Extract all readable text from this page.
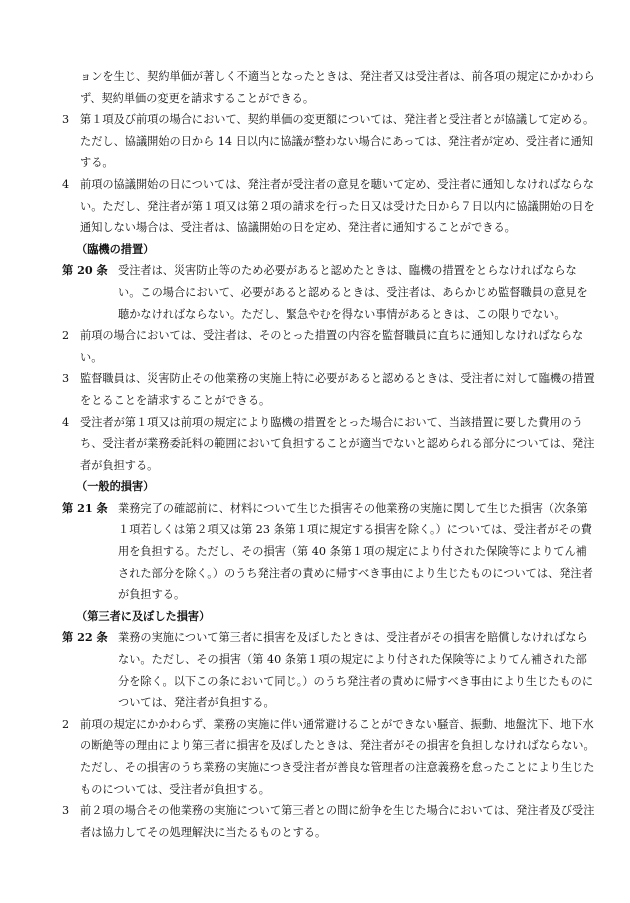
ョンを生じ、契約単価が著しく不適当となったときは、発注者又は受注者は、前各項の規定にかかわらず、契約単価の変更を請求することができる。

3 第１項及び前項の場合において、契約単価の変更額については、発注者と受注者とが協議して定める。ただし、協議開始の日から 14 日以内に協議が整わない場合にあっては、発注者が定め、受注者に通知する。
4 前項の協議開始の日については、発注者が受注者の意見を聴いて定め、受注者に通知しなければならない。ただし、発注者が第１項又は第２項の請求を行った日又は受けた日から７日以内に協議開始の日を通知しない場合は、受注者は、協議開始の日を定め、発注者に通知することができる。

（臨機の措置）

第 20 条 受注者は、災害防止等のため必要があると認めたときは、臨機の措置をとらなければならない。この場合において、必要があると認めるときは、受注者は、あらかじめ監督職員の意見を聴かなければならない。ただし、緊急やむを得ない事情があるときは、この限りでない。
2 前項の場合においては、受注者は、そのとった措置の内容を監督職員に直ちに通知しなければならない。
3 監督職員は、災害防止その他業務の実施上特に必要があると認めるときは、受注者に対して臨機の措置をとることを請求することができる。
4 受注者が第１項又は前項の規定により臨機の措置をとった場合において、当該措置に要した費用のうち、受注者が業務委託料の範囲において負担することが適当でないと認められる部分については、発注者が負担する。

（一般的損害）

第 21 条 業務完了の確認前に、材料について生じた損害その他業務の実施に関して生じた損害（次条第１項若しくは第２項又は第 23 条第１項に規定する損害を除く。）については、受注者がその費用を負担する。ただし、その損害（第 40 条第１項の規定により付された保険等によりてん補された部分を除く。）のうち発注者の責めに帰すべき事由により生じたものについては、発注者が負担する。

（第三者に及ぼした損害）

第 22 条 業務の実施について第三者に損害を及ぼしたときは、受注者がその損害を賠償しなければならない。ただし、その損害（第 40 条第１項の規定により付された保険等によりてん補された部分を除く。以下この条において同じ。）のうち発注者の責めに帰すべき事由により生じたものについては、発注者が負担する。
2 前項の規定にかかわらず、業務の実施に伴い通常避けることができない騒音、振動、地盤沈下、地下水の断絶等の理由により第三者に損害を及ぼしたときは、発注者がその損害を負担しなければならない。ただし、その損害のうち業務の実施につき受注者が善良な管理者の注意義務を怠ったことにより生じたものについては、受注者が負担する。
3 前２項の場合その他業務の実施について第三者との間に紛争を生じた場合においては、発注者及び受注者は協力してその処理解決に当たるものとする。
